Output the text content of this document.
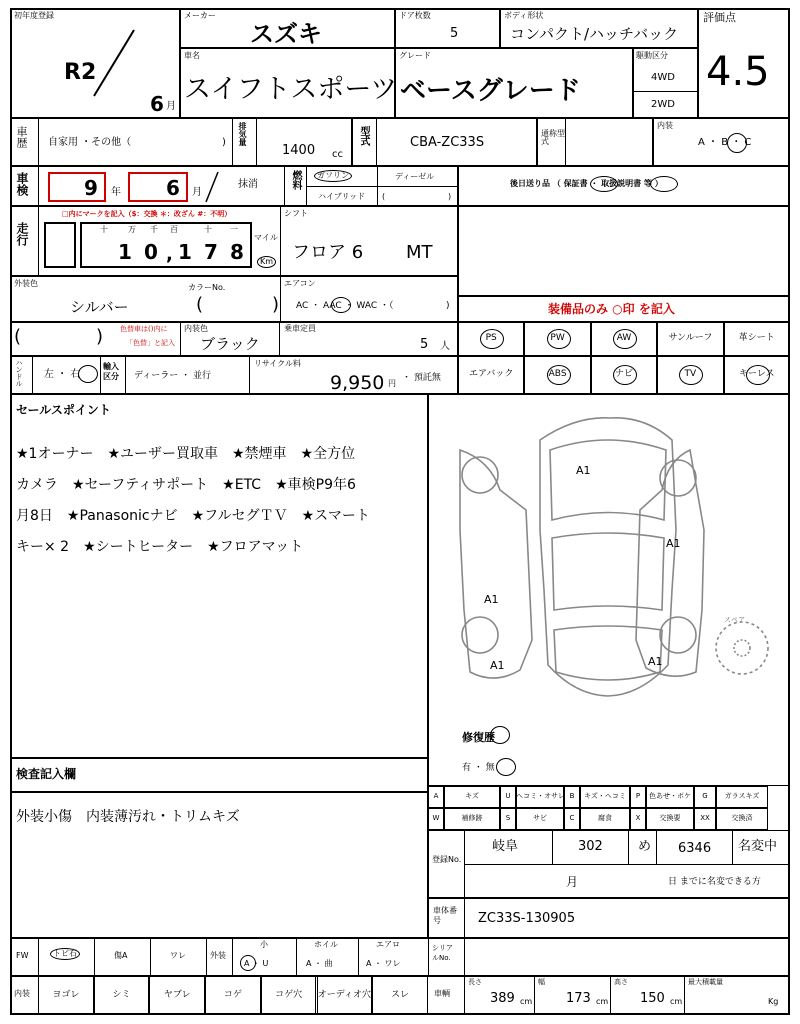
初年度登録
R2
6 月
メーカー
スズキ
ドア枚数
5
ボディ形状
コンパクト/ハッチバック
評価点
4.5
車名
スイフトスポーツ
グレード
ベースグレード
駆動区分
4WD
2WD
車歴 自家用 ・その他（	) 排気量
1400 cc
型式	CBA-ZC33S
通称型式
内装
A ・ B ・ C
車検	9 年 6 月
抹消	燃料	ガソリン	ディーゼル
ハイブリッド (	)
後日送り品 （ 保証書 ・ 取扱説明書 等 ）
走行
□内にマークを記入（$：交換 ＊：改ざん #：不明）
万	百	十 一
十	千
1 0 , 1 7 8
マイル
Km
シフト
フロア 6 MT
外装色
シルバー
カラーNo.
(	)
エアコン
AC ・ AAC ・ WAC ・（	)	装備品のみ ○印 を記入
(	) 色替車は()内に
「色替」と記入
内装色
ブラック
乗車定員
5 人
PS	PW	AW	サンルーフ	革シート
エアバック	ABS	ナビ	TV	キーレス
ハンドル 左 ・ 右
輸入区分	ディーラー ・ 並行
リサイクル料
9,950 円
・ 預託無
セールスポイント
★1オーナー　★ユーザー買取車　★禁煙車　★全方位
カメラ　★セーフティサポート　★ETC　★車検P9年6
月8日　★Panasonicナビ　★フルセグＴＶ　★スマート
キー× 2　★シートヒーター　★フロアマット
A1
A1
A1
A1	A1
スペア
修復歴
有 ・ 無
検査記入欄
外装小傷　内装薄汚れ・トリムキズ
A	キズ	U ヘコミ・オサレ B	キズ・ヘコミ	P	色あせ・ボケ	G	ガラスキズ
W	補修跡	S	サビ	C	腐食	X	交換要	XX	交換済
登録No.
岐阜	302	め 6346 名変中
月	日 までに名変できる方
車体番号	ZC33S-130905
FW	トビ石	傷A	ワレ	外装
小
A ・ U
ホイル
A ・ 曲
エアロ
A ・ ワレ
シリアルNo.
内装	ヨゴレ	シミ	ヤブレ	コゲ	コゲ穴	オーディオ穴	スレ	車輌
長さ
389 cm
幅
173 cm
高さ
150 cm
最大積載量
Kg
